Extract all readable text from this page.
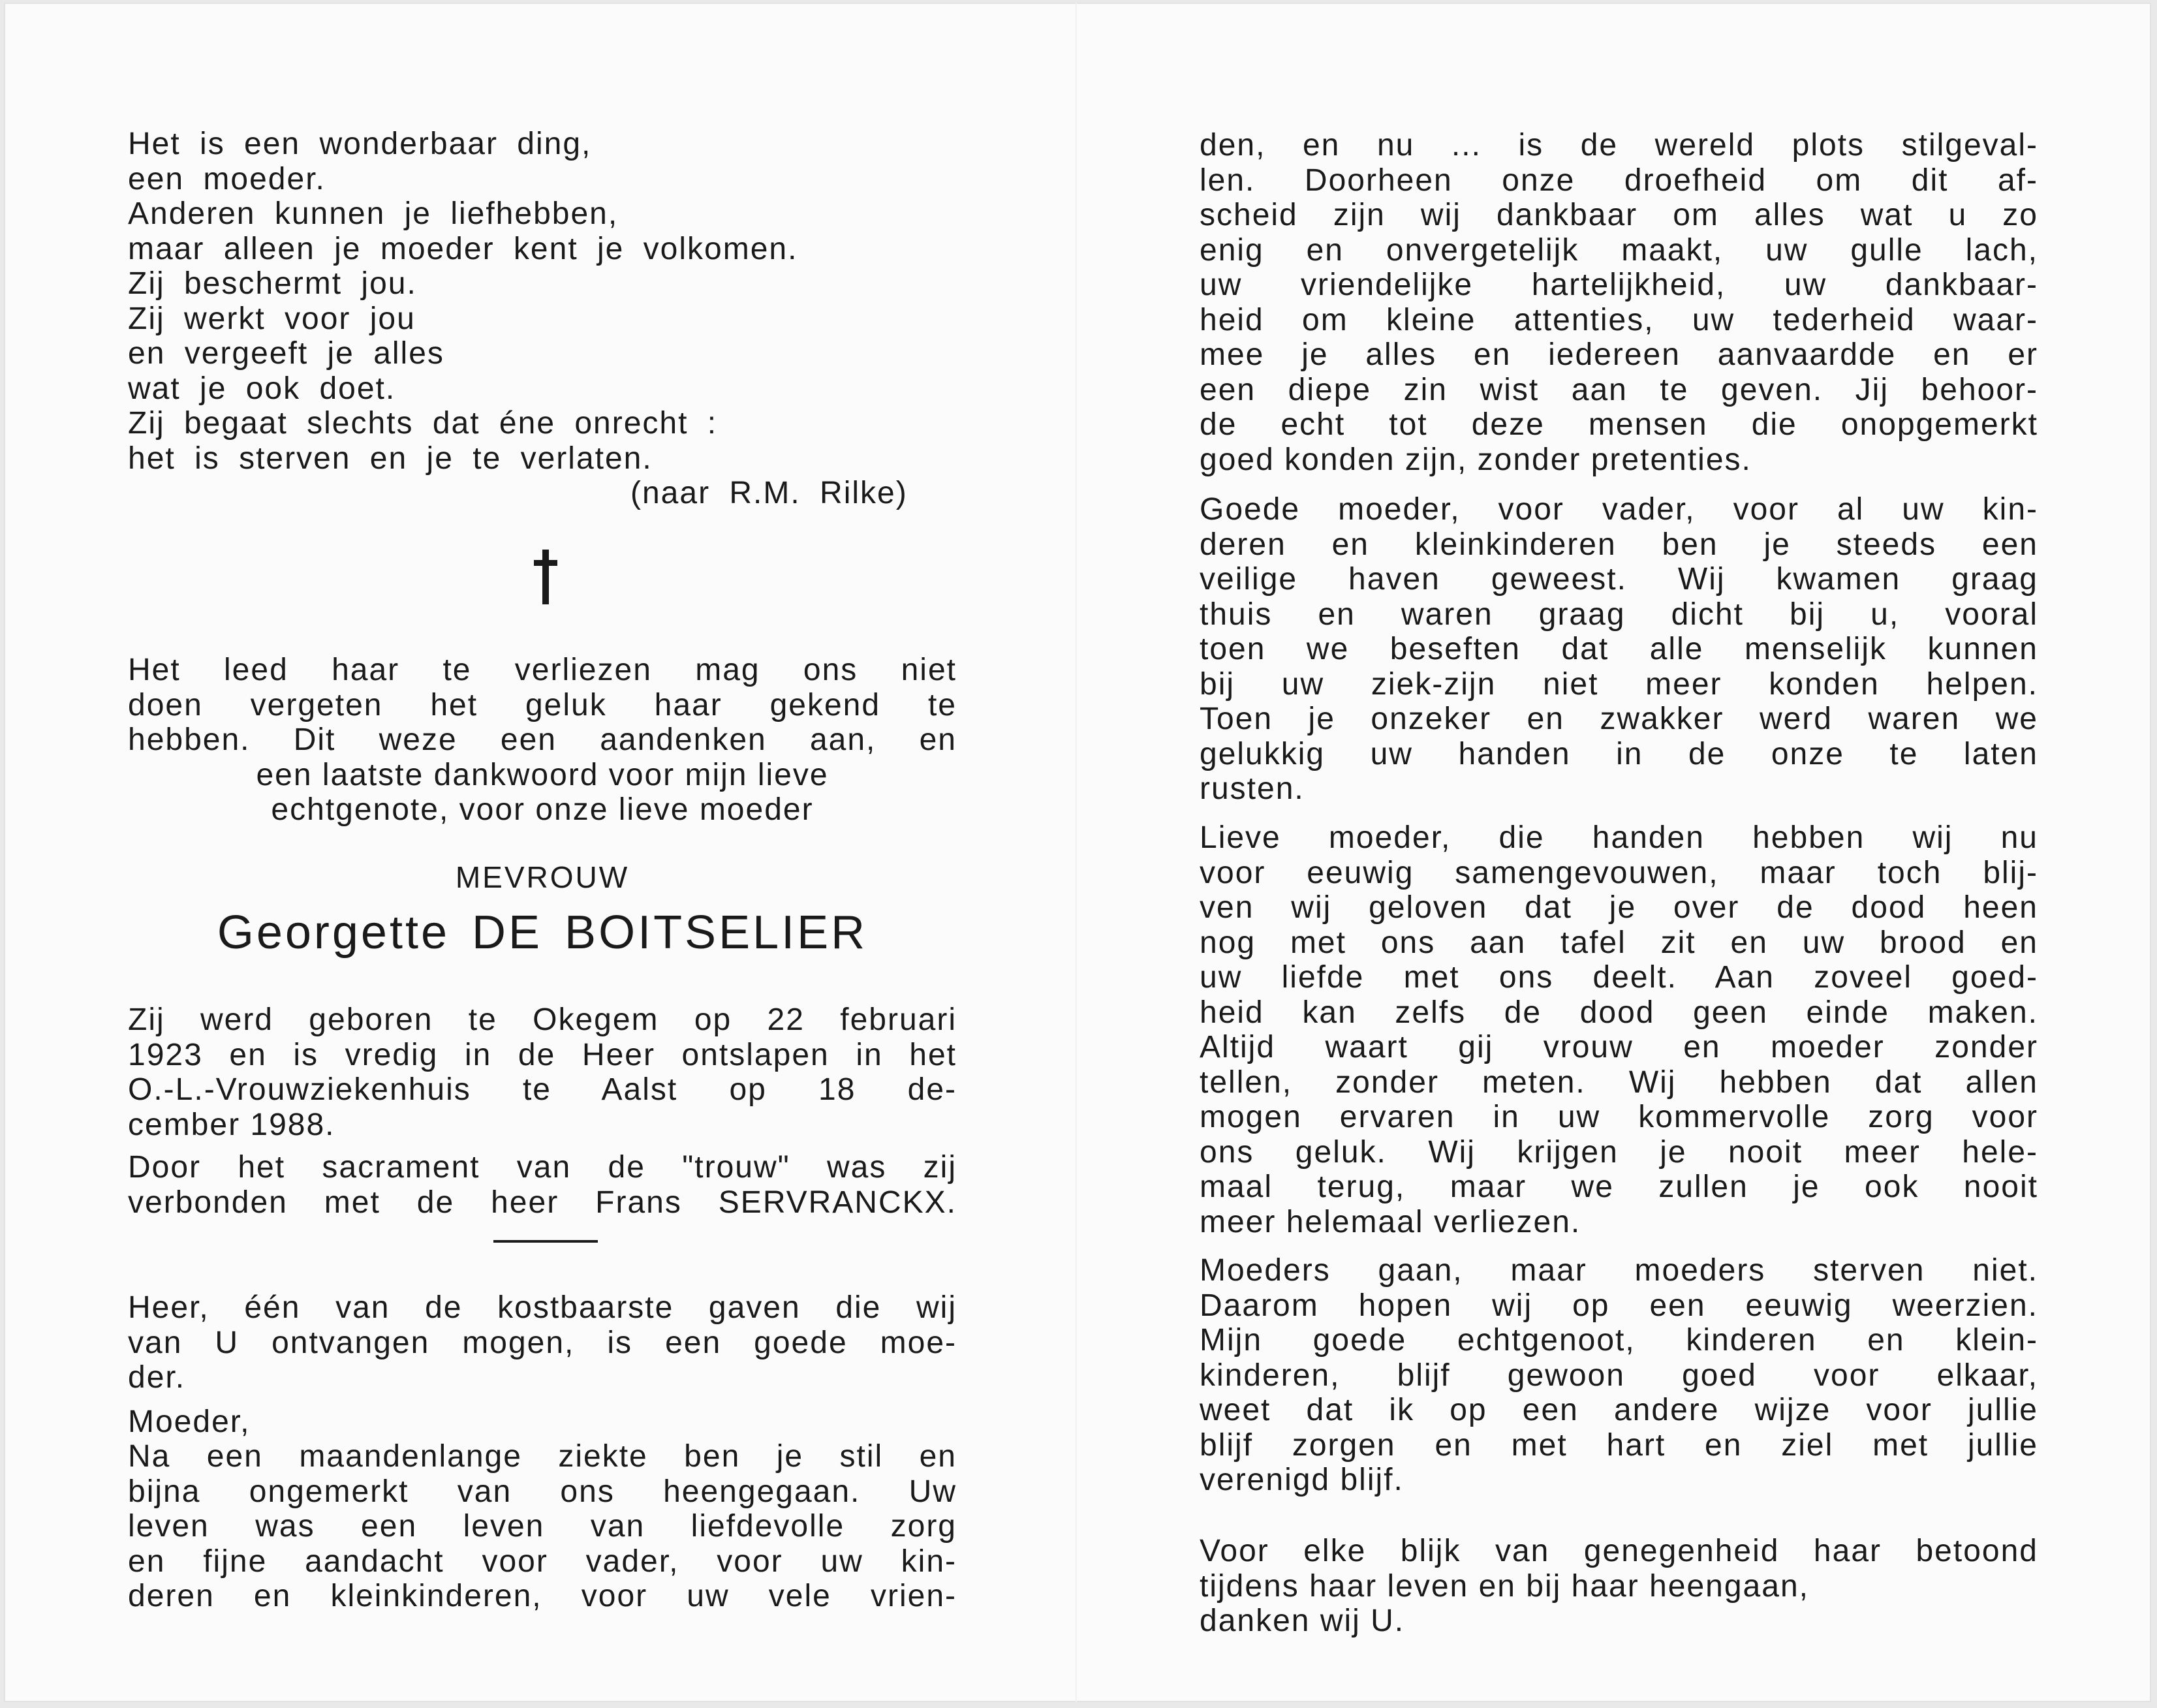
Het is een wonderbaar ding,
een moeder.
Anderen kunnen je liefhebben,
maar alleen je moeder kent je volkomen.
Zij beschermt jou.
Zij werkt voor jou
en vergeeft je alles
wat je ook doet.
Zij begaat slechts dat éne onrecht :
het is sterven en je te verlaten.
(naar R.M. Rilke)
Het leed haar te verliezen mag ons niet
doen vergeten het geluk haar gekend te
hebben. Dit weze een aandenken aan, en
een laatste dankwoord voor mijn lieve
echtgenote, voor onze lieve moeder
MEVROUW
Georgette DE BOITSELIER
Zij werd geboren te Okegem op 22 februari
1923 en is vredig in de Heer ontslapen in het
O.-L.-Vrouwziekenhuis te Aalst op 18 de-
cember 1988.
Door het sacrament van de "trouw" was zij
verbonden met de heer Frans SERVRANCKX.
Heer, één van de kostbaarste gaven die wij
van U ontvangen mogen, is een goede moe-
der.
Moeder,
Na een maandenlange ziekte ben je stil en
bijna ongemerkt van ons heengegaan. Uw
leven was een leven van liefdevolle zorg
en fijne aandacht voor vader, voor uw kin-
deren en kleinkinderen, voor uw vele vrien-
den, en nu ... is de wereld plots stilgeval-
len. Doorheen onze droefheid om dit af-
scheid zijn wij dankbaar om alles wat u zo
enig en onvergetelijk maakt, uw gulle lach,
uw vriendelijke hartelijkheid, uw dankbaar-
heid om kleine attenties, uw tederheid waar-
mee je alles en iedereen aanvaardde en er
een diepe zin wist aan te geven. Jij behoor-
de echt tot deze mensen die onopgemerkt
goed konden zijn, zonder pretenties.
Goede moeder, voor vader, voor al uw kin-
deren en kleinkinderen ben je steeds een
veilige haven geweest. Wij kwamen graag
thuis en waren graag dicht bij u, vooral
toen we beseften dat alle menselijk kunnen
bij uw ziek-zijn niet meer konden helpen.
Toen je onzeker en zwakker werd waren we
gelukkig uw handen in de onze te laten
rusten.
Lieve moeder, die handen hebben wij nu
voor eeuwig samengevouwen, maar toch blij-
ven wij geloven dat je over de dood heen
nog met ons aan tafel zit en uw brood en
uw liefde met ons deelt. Aan zoveel goed-
heid kan zelfs de dood geen einde maken.
Altijd waart gij vrouw en moeder zonder
tellen, zonder meten. Wij hebben dat allen
mogen ervaren in uw kommervolle zorg voor
ons geluk. Wij krijgen je nooit meer hele-
maal terug, maar we zullen je ook nooit
meer helemaal verliezen.
Moeders gaan, maar moeders sterven niet.
Daarom hopen wij op een eeuwig weerzien.
Mijn goede echtgenoot, kinderen en klein-
kinderen, blijf gewoon goed voor elkaar,
weet dat ik op een andere wijze voor jullie
blijf zorgen en met hart en ziel met jullie
verenigd blijf.
Voor elke blijk van genegenheid haar betoond
tijdens haar leven en bij haar heengaan,
danken wij U.
